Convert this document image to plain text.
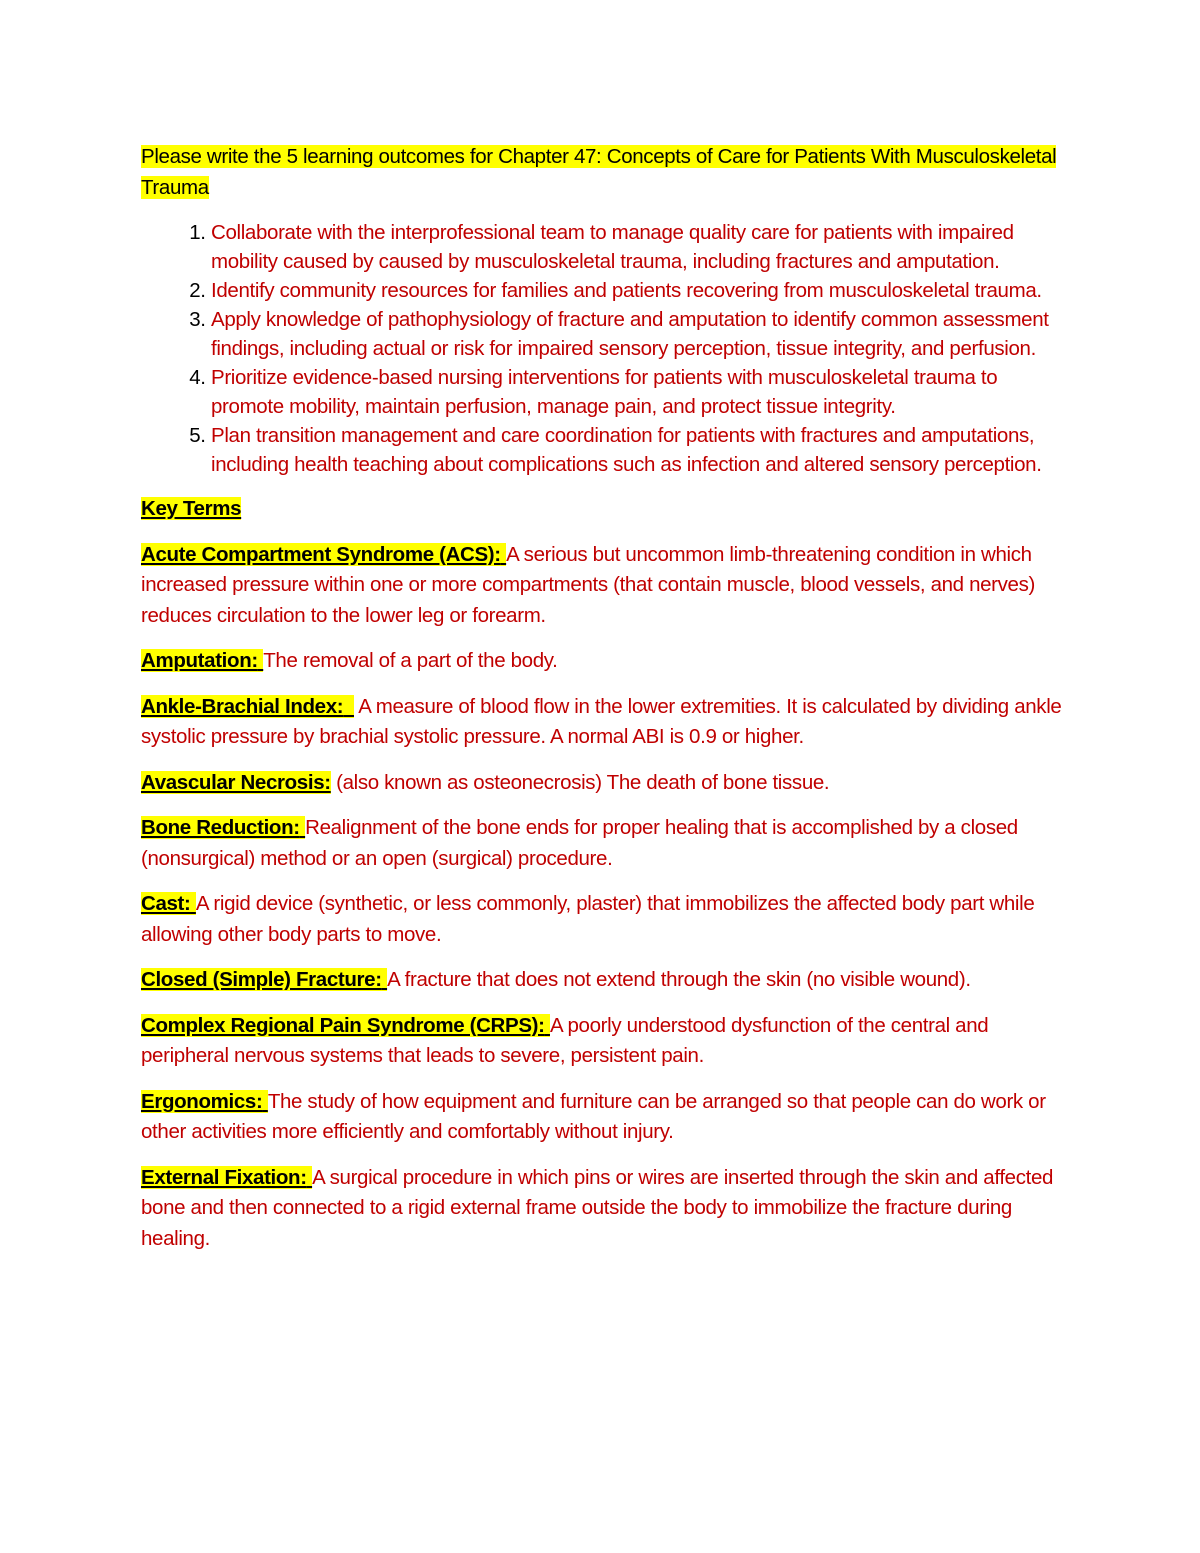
Please write the 5 learning outcomes for Chapter 47: Concepts of Care for Patients With Musculoskeletal Trauma

1. Collaborate with the interprofessional team to manage quality care for patients with impaired mobility caused by caused by musculoskeletal trauma, including fractures and amputation.
2. Identify community resources for families and patients recovering from musculoskeletal trauma.
3. Apply knowledge of pathophysiology of fracture and amputation to identify common assessment findings, including actual or risk for impaired sensory perception, tissue integrity, and perfusion.
4. Prioritize evidence-based nursing interventions for patients with musculoskeletal trauma to promote mobility, maintain perfusion, manage pain, and protect tissue integrity.
5. Plan transition management and care coordination for patients with fractures and amputations, including health teaching about complications such as infection and altered sensory perception.

Key Terms

Acute Compartment Syndrome (ACS): A serious but uncommon limb-threatening condition in which increased pressure within one or more compartments (that contain muscle, blood vessels, and nerves) reduces circulation to the lower leg or forearm.

Amputation: The removal of a part of the body.

Ankle-Brachial Index: A measure of blood flow in the lower extremities. It is calculated by dividing ankle systolic pressure by brachial systolic pressure. A normal ABI is 0.9 or higher.

Avascular Necrosis: (also known as osteonecrosis) The death of bone tissue.

Bone Reduction: Realignment of the bone ends for proper healing that is accomplished by a closed (nonsurgical) method or an open (surgical) procedure.

Cast: A rigid device (synthetic, or less commonly, plaster) that immobilizes the affected body part while allowing other body parts to move.

Closed (Simple) Fracture: A fracture that does not extend through the skin (no visible wound).

Complex Regional Pain Syndrome (CRPS): A poorly understood dysfunction of the central and peripheral nervous systems that leads to severe, persistent pain.

Ergonomics: The study of how equipment and furniture can be arranged so that people can do work or other activities more efficiently and comfortably without injury.

External Fixation: A surgical procedure in which pins or wires are inserted through the skin and affected bone and then connected to a rigid external frame outside the body to immobilize the fracture during healing.
